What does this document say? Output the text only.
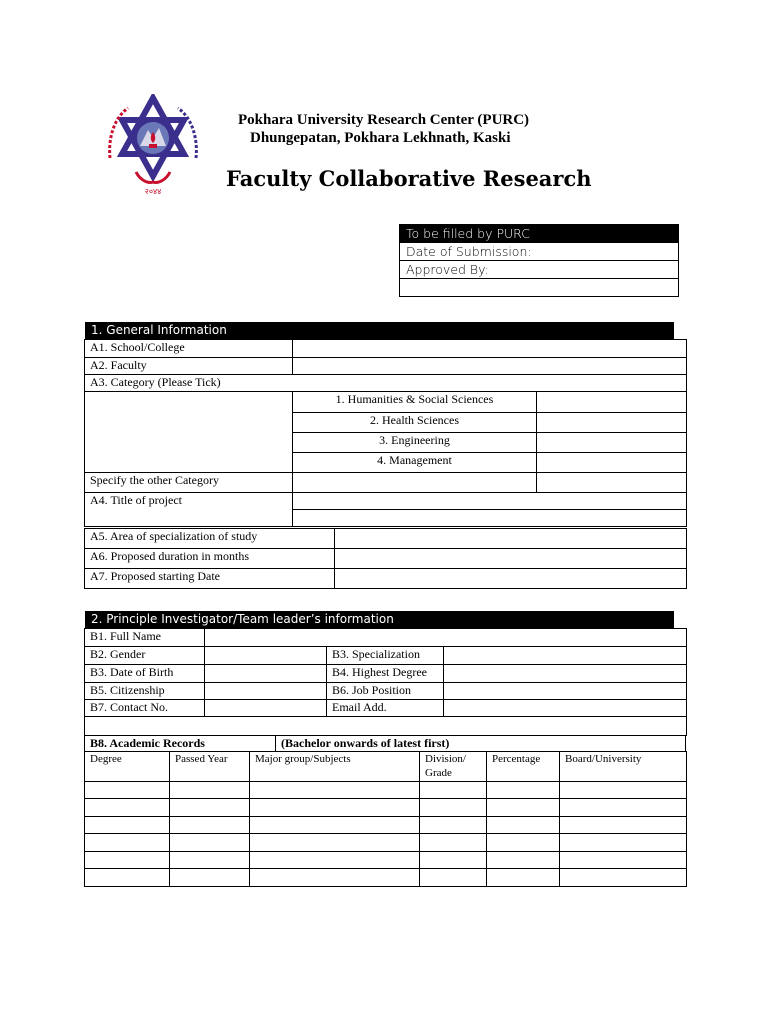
२०४४
Pokhara University Research Center (PURC)
Dhungepatan, Pokhara Lekhnath, Kaski
Faculty Collaborative Research
To be filled by PURC
Date of Submission:
Approved By:

1. General Information
A1. School/College		
A2. Faculty		
A3. Category (Please Tick)		
	1. Humanities & Social Sciences	
	2. Health Sciences	
	3. Engineering	
	4. Management	
Specify the other Category		
A4. Title of project		

A5. Area of specialization of study	
A6. Proposed duration in months	
A7. Proposed starting Date	
2. Principle Investigator/Team leader’s information
B1. Full Name			
B2. Gender		B3. Specialization	
B3. Date of Birth		B4. Highest Degree	
B5. Citizenship		B6. Job Position	
B7. Contact No.		Email Add.	

B8. Academic Records	(Bachelor onwards of latest first)
Degree	Passed Year	Major group/Subjects	Division/ Grade	Percentage	Board/University
